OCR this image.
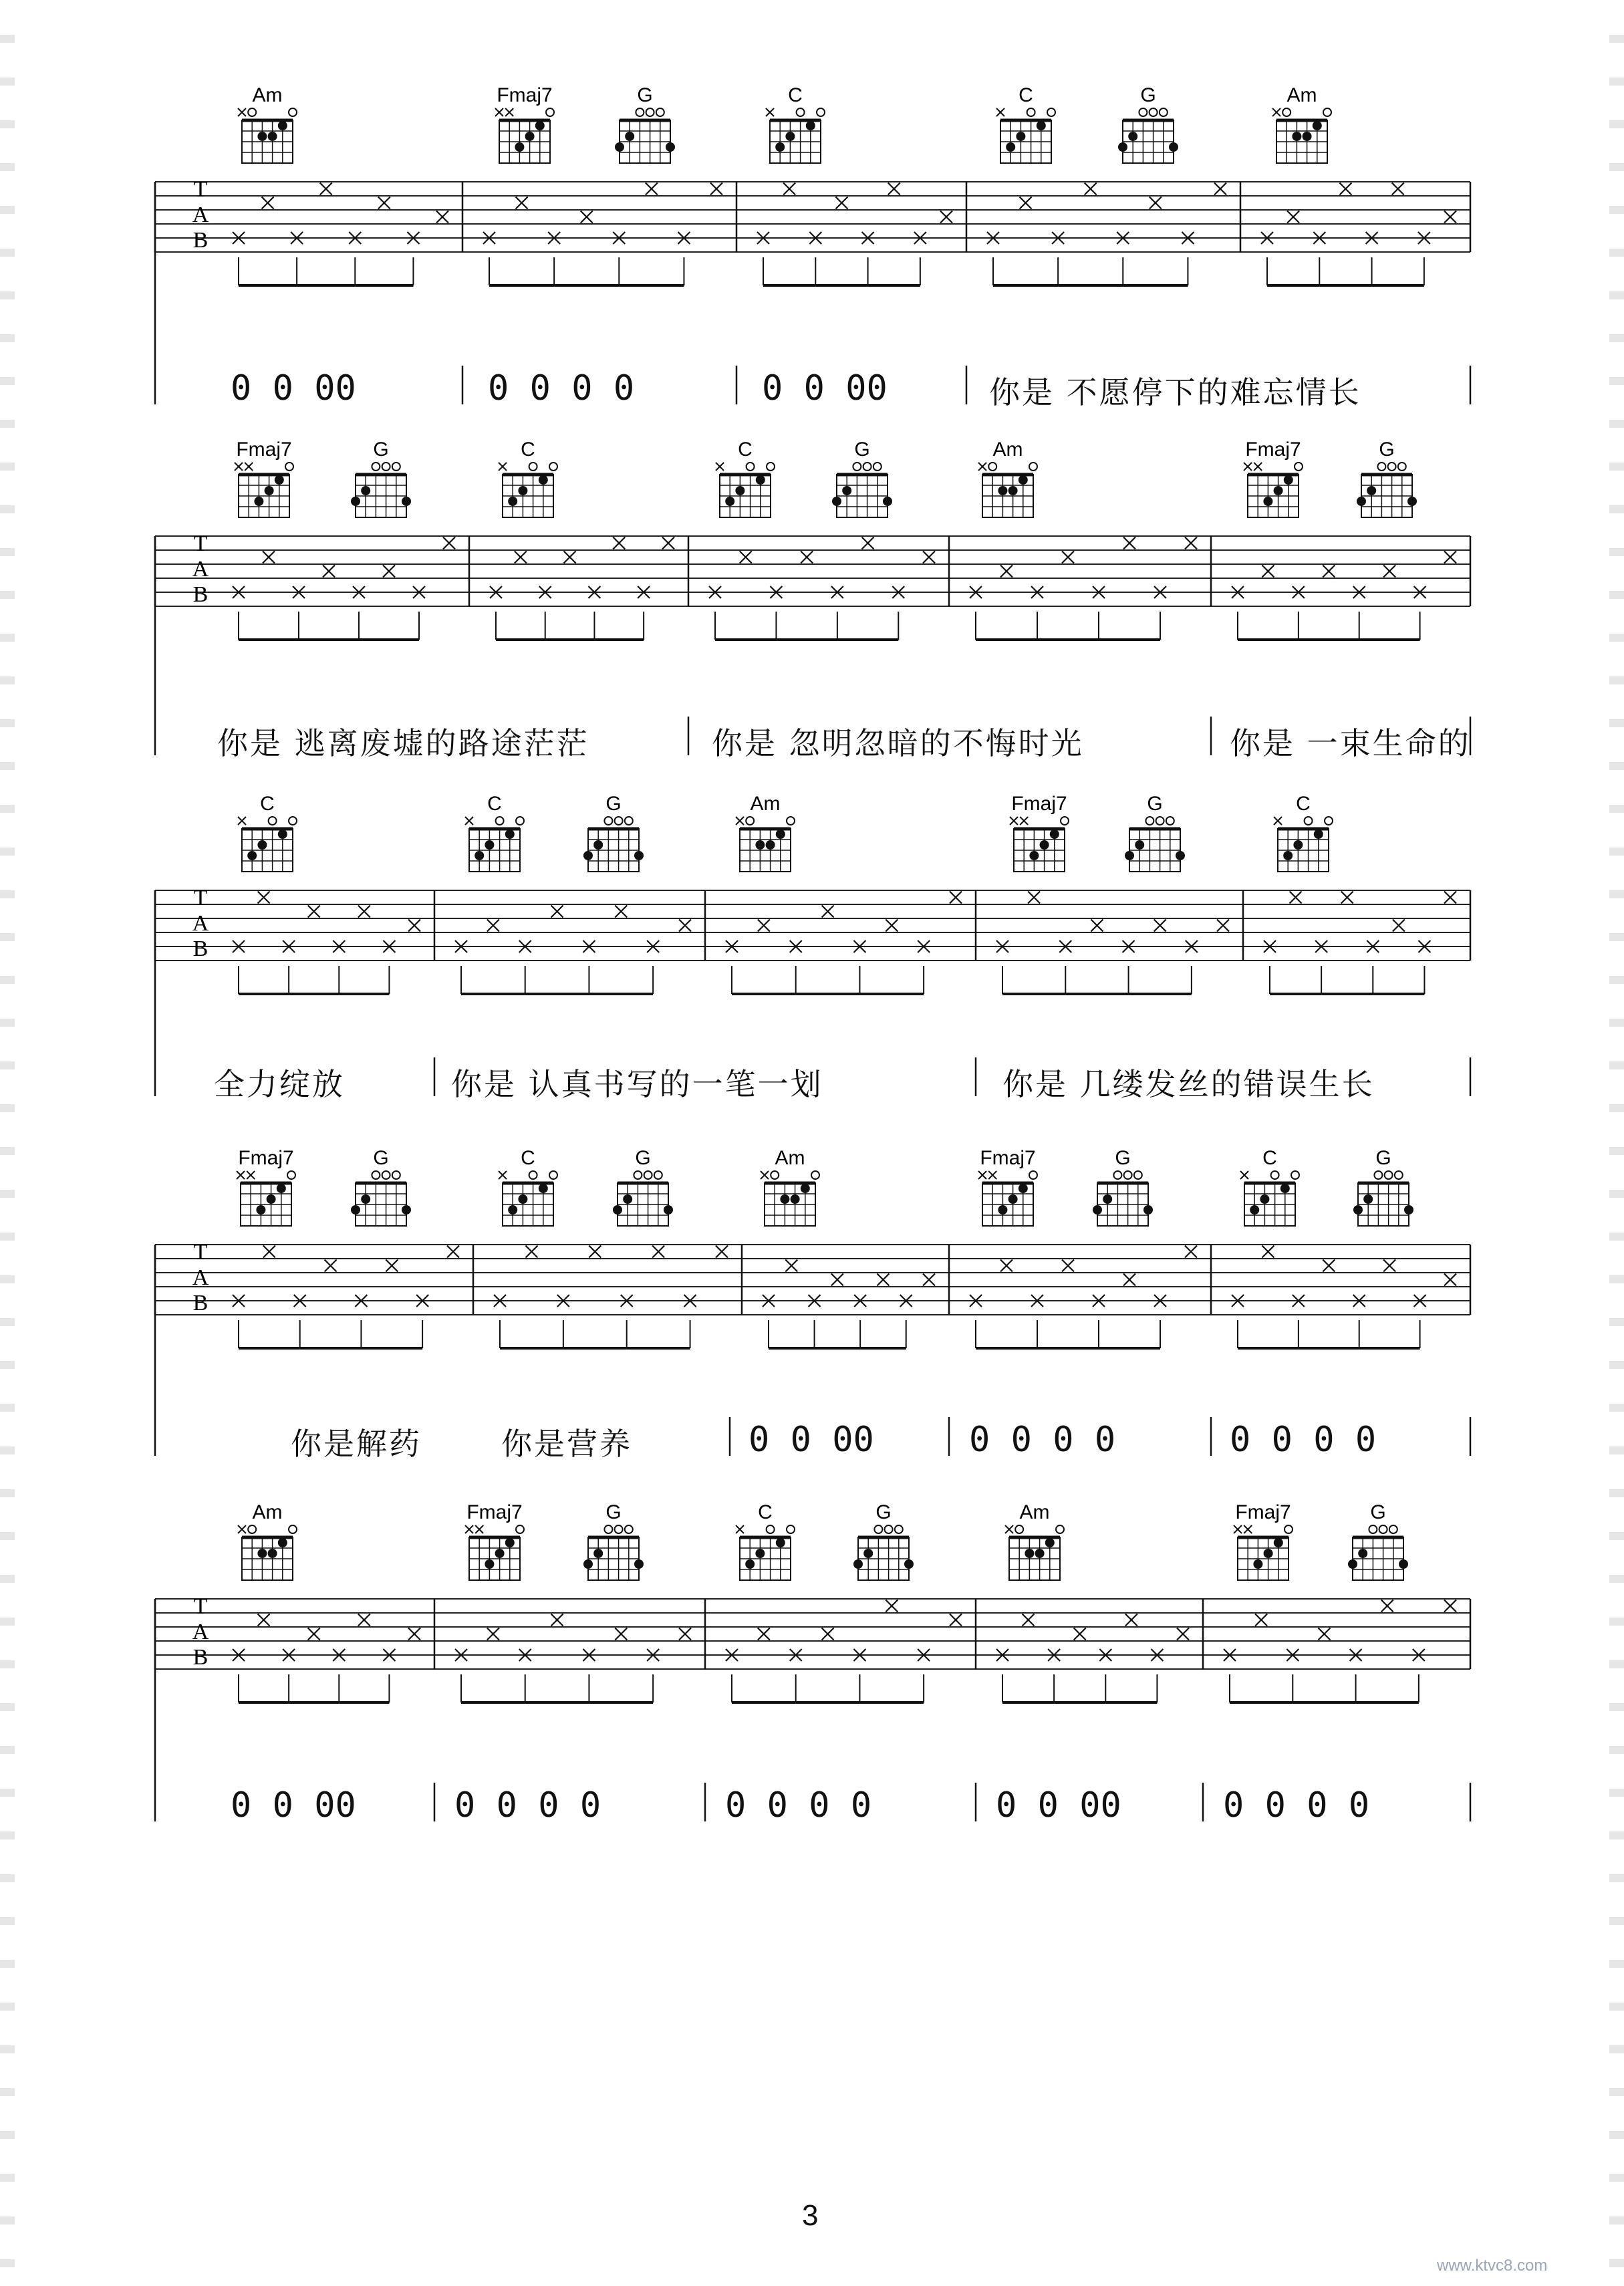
Am	Fmaj7	G	C	C	G	Am
T
A
B
Fmaj7	G	C	C	G	Am	Fmaj7	G
T
A
B
C	C	G	Am	Fmaj7	G	C
T
A
B
Fmaj7	G	C	G	Am	Fmaj7	G	C	G
T
A
B
Am	Fmaj7	G	C	G	Am	Fmaj7	G
T
A
B
3
www.ktvc8.com
0 0 00	0 0 0 0	0 0 00	你是 不愿停下的难忘情长
你是 逃离废墟的路途茫茫	你是 忽明忽暗的不悔时光	你是 一束生命的
全力绽放	你是 认真书写的一笔一划	你是 几缕发丝的错误生长
你是解药	你是营养	0 0 00	0 0 0 0	0 0 0 0
0 0 00	0 0 0 0	0 0 0 0	0 0 00	0 0 0 0
